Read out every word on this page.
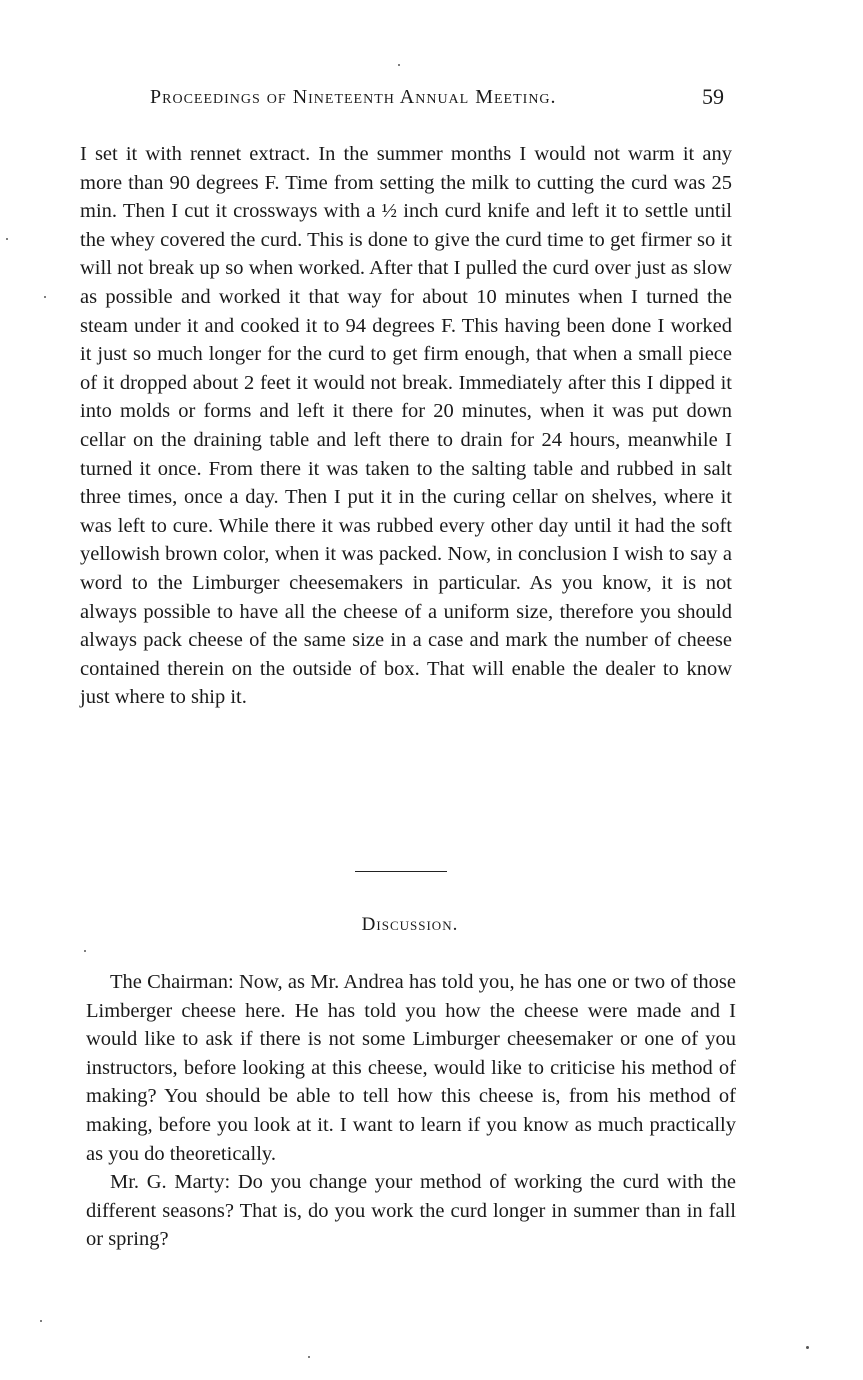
Proceedings of Nineteenth Annual Meeting.	59

I set it with rennet extract. In the summer months I would not warm it any more than 90 degrees F. Time from setting the milk to cutting the curd was 25 min. Then I cut it crossways with a ½ inch curd knife and left it to settle until the whey covered the curd. This is done to give the curd time to get firmer so it will not break up so when worked. After that I pulled the curd over just as slow as possible and worked it that way for about 10 minutes when I turned the steam under it and cooked it to 94 degrees F. This having been done I worked it just so much longer for the curd to get firm enough, that when a small piece of it dropped about 2 feet it would not break. Immediately after this I dipped it into molds or forms and left it there for 20 minutes, when it was put down cellar on the draining table and left there to drain for 24 hours, meanwhile I turned it once. From there it was taken to the salting table and rubbed in salt three times, once a day. Then I put it in the curing cellar on shelves, where it was left to cure. While there it was rubbed every other day until it had the soft yellowish brown color, when it was packed. Now, in conclusion I wish to say a word to the Limburger cheesemakers in particular. As you know, it is not always possible to have all the cheese of a uniform size, therefore you should always pack cheese of the same size in a case and mark the number of cheese contained therein on the outside of box. That will enable the dealer to know just where to ship it.

Discussion.

The Chairman: Now, as Mr. Andrea has told you, he has one or two of those Limberger cheese here. He has told you how the cheese were made and I would like to ask if there is not some Limburger cheesemaker or one of you instructors, before looking at this cheese, would like to criticise his method of making? You should be able to tell how this cheese is, from his method of making, before you look at it. I want to learn if you know as much practically as you do theoretically.

Mr. G. Marty: Do you change your method of working the curd with the different seasons? That is, do you work the curd longer in summer than in fall or spring?
